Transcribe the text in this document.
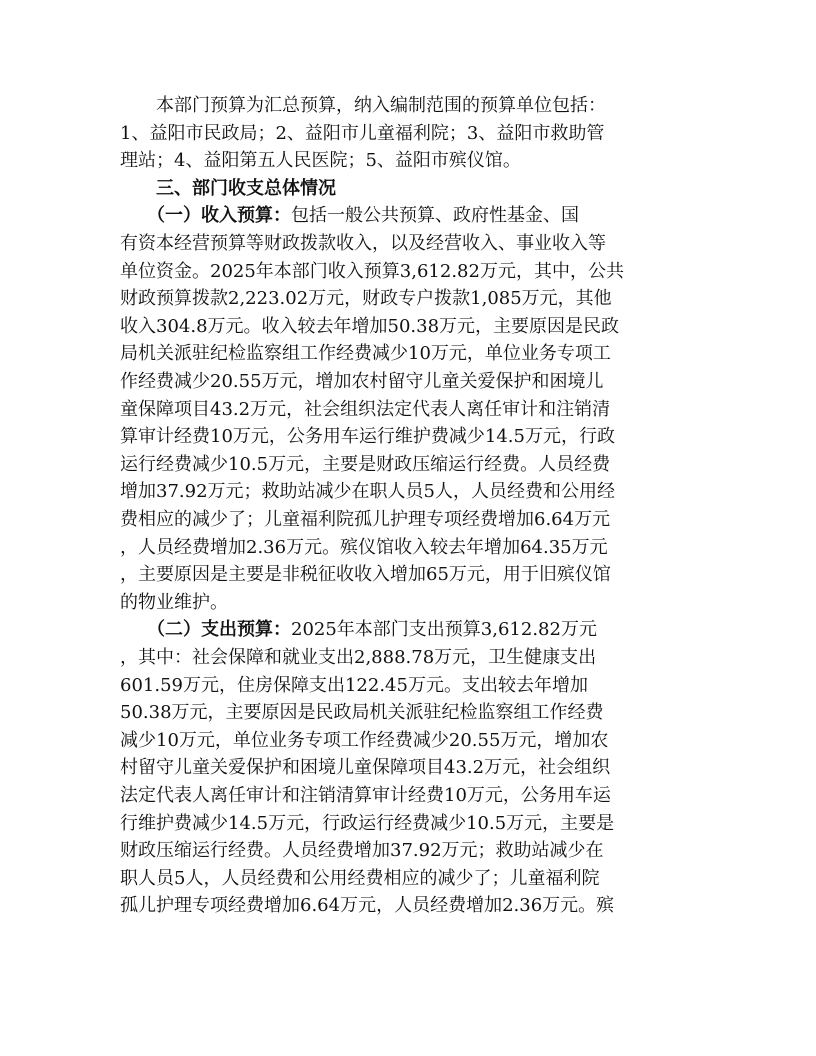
　　本部门预算为汇总预算，纳入编制范围的预算单位包括：
1、益阳市民政局；2、益阳市儿童福利院；3、益阳市救助管
理站；4、益阳第五人民医院；5、益阳市殡仪馆。
　　三、部门收支总体情况
　　（一）收入预算：包括一般公共预算、政府性基金、国
有资本经营预算等财政拨款收入，以及经营收入、事业收入等
单位资金。2025年本部门收入预算3,612.82万元，其中，公共
财政预算拨款2,223.02万元，财政专户拨款1,085万元，其他
收入304.8万元。收入较去年增加50.38万元，主要原因是民政
局机关派驻纪检监察组工作经费减少10万元，单位业务专项工
作经费减少20.55万元，增加农村留守儿童关爱保护和困境儿
童保障项目43.2万元，社会组织法定代表人离任审计和注销清
算审计经费10万元，公务用车运行维护费减少14.5万元，行政
运行经费减少10.5万元，主要是财政压缩运行经费。人员经费
增加37.92万元；救助站减少在职人员5人，人员经费和公用经
费相应的减少了；儿童福利院孤儿护理专项经费增加6.64万元
，人员经费增加2.36万元。殡仪馆收入较去年增加64.35万元
，主要原因是主要是非税征收收入增加65万元，用于旧殡仪馆
的物业维护。
　　（二）支出预算：2025年本部门支出预算3,612.82万元
，其中：社会保障和就业支出2,888.78万元，卫生健康支出
601.59万元，住房保障支出122.45万元。支出较去年增加
50.38万元，主要原因是民政局机关派驻纪检监察组工作经费
减少10万元，单位业务专项工作经费减少20.55万元，增加农
村留守儿童关爱保护和困境儿童保障项目43.2万元，社会组织
法定代表人离任审计和注销清算审计经费10万元，公务用车运
行维护费减少14.5万元，行政运行经费减少10.5万元，主要是
财政压缩运行经费。人员经费增加37.92万元；救助站减少在
职人员5人，人员经费和公用经费相应的减少了；儿童福利院
孤儿护理专项经费增加6.64万元，人员经费增加2.36万元。殡
